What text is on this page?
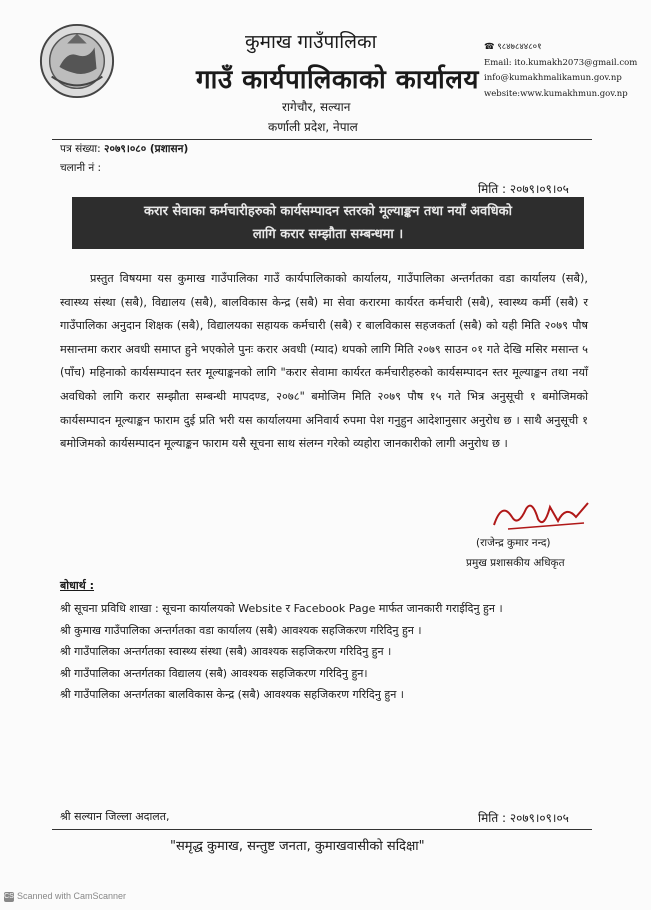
कुमाख गाउँपालिका
गाउँ कार्यपालिकाको कार्यालय
रागेचौर, सल्यान
कर्णाली प्रदेश, नेपाल
☎ ९८४७८४४८०१
Email: ito.kumakh2073@gmail.com
info@kumakhmalikamun.gov.np
website:www.kumakhmun.gov.np
पत्र संख्या: २०७९।०८० (प्रशासन)
चलानी नं :
मिति : २०७९।०९।०५
करार सेवाका कर्मचारीहरुको कार्यसम्पादन स्तरको मूल्याङ्कन तथा नयाँ अवधिको
लागि करार सम्झौता सम्बन्धमा ।

प्रस्तुत विषयमा यस कुमाख गाउँपालिका गाउँ कार्यपालिकाको कार्यालय, गाउँपालिका अन्तर्गतका वडा कार्यालय (सबै), स्वास्थ्य संस्था (सबै), विद्यालय (सबै), बालविकास केन्द्र (सबै) मा सेवा करारमा कार्यरत कर्मचारी (सबै), स्वास्थ्य कर्मी (सबै) र गाउँपालिका अनुदान शिक्षक (सबै), विद्यालयका सहायक कर्मचारी (सबै) र बालविकास सहजकर्ता (सबै) को यही मिति २०७९ पौष मसान्तमा करार अवधी समाप्त हुने भएकोले पुनः करार अवधी (म्याद) थपको लागि मिति २०७९ साउन ०१ गते देखि मसिर मसान्त ५ (पाँच) महिनाको कार्यसम्पादन स्तर मूल्याङ्कनको लागि "करार सेवामा कार्यरत कर्मचारीहरुको कार्यसम्पादन स्तर मूल्याङ्कन तथा नयाँ अवधिको लागि करार सम्झौता सम्बन्धी मापदण्ड, २०७८" बमोजिम मिति २०७९ पौष १५ गते भित्र अनुसूची १ बमोजिमको कार्यसम्पादन मूल्याङ्कन फाराम दुई प्रति भरी यस कार्यालयमा अनिवार्य रुपमा पेश गनुहुन आदेशानुसार अनुरोध छ । साथै अनुसूची १ बमोजिमको कार्यसम्पादन मूल्याङ्कन फाराम यसै सूचना साथ संलग्न गरेको व्यहोरा जानकारीको लागी अनुरोध छ ।

(राजेन्द्र कुमार नन्द)
प्रमुख प्रशासकीय अधिकृत
बोधार्थ :
श्री सूचना प्रविधि शाखा : सूचना कार्यालयको Website र Facebook Page मार्फत जानकारी गराईदिनु हुन ।
श्री कुमाख गाउँपालिका अन्तर्गतका वडा कार्यालय (सबै) आवश्यक सहजिकरण गरिदिनु हुन ।
श्री गाउँपालिका अन्तर्गतका स्वास्थ्य संस्था (सबै) आवश्यक सहजिकरण गरिदिनु हुन ।
श्री गाउँपालिका अन्तर्गतका विद्यालय (सबै) आवश्यक सहजिकरण गरिदिनु हुन।
श्री गाउँपालिका अन्तर्गतका बालविकास केन्द्र (सबै) आवश्यक सहजिकरण गरिदिनु हुन ।
श्री सल्यान जिल्ला अदालत,	मिति : २०७९।०९।०५
"समृद्ध कुमाख, सन्तुष्ट जनता, कुमाखवासीको सदिक्षा"
CS Scanned with CamScanner
